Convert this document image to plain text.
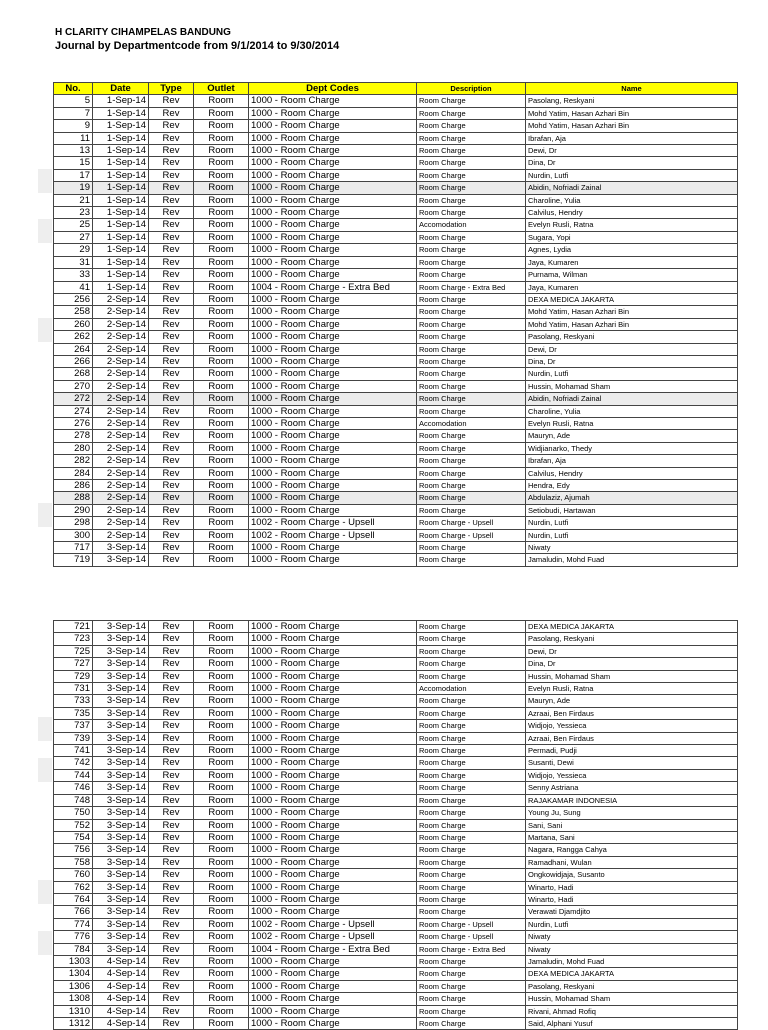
H CLARITY CIHAMPELAS BANDUNG
Journal by Departmentcode from 9/1/2014 to 9/30/2014
No.	Date	Type	Outlet	Dept Codes	Description	Name
5	1-Sep-14	Rev	Room	1000 - Room Charge	Room Charge	Pasolang, Reskyani
7	1-Sep-14	Rev	Room	1000 - Room Charge	Room Charge	Mohd Yatim, Hasan Azhari Bin
9	1-Sep-14	Rev	Room	1000 - Room Charge	Room Charge	Mohd Yatim, Hasan Azhari Bin
11	1-Sep-14	Rev	Room	1000 - Room Charge	Room Charge	Ibrafan, Aja
13	1-Sep-14	Rev	Room	1000 - Room Charge	Room Charge	Dewi, Dr
15	1-Sep-14	Rev	Room	1000 - Room Charge	Room Charge	Dina, Dr
17	1-Sep-14	Rev	Room	1000 - Room Charge	Room Charge	Nurdin, Lutfi
19	1-Sep-14	Rev	Room	1000 - Room Charge	Room Charge	Abidin, Nofriadi Zainal
21	1-Sep-14	Rev	Room	1000 - Room Charge	Room Charge	Charoline, Yulia
23	1-Sep-14	Rev	Room	1000 - Room Charge	Room Charge	Calvilus, Hendry
25	1-Sep-14	Rev	Room	1000 - Room Charge	Accomodation	Evelyn Rusli, Ratna
27	1-Sep-14	Rev	Room	1000 - Room Charge	Room Charge	Sugara, Yopi
29	1-Sep-14	Rev	Room	1000 - Room Charge	Room Charge	Agnes, Lydia
31	1-Sep-14	Rev	Room	1000 - Room Charge	Room Charge	Jaya, Kumaren
33	1-Sep-14	Rev	Room	1000 - Room Charge	Room Charge	Purnama, Wilman
41	1-Sep-14	Rev	Room	1004 - Room Charge - Extra Bed	Room Charge - Extra Bed	Jaya, Kumaren
256	2-Sep-14	Rev	Room	1000 - Room Charge	Room Charge	DEXA MEDICA JAKARTA
258	2-Sep-14	Rev	Room	1000 - Room Charge	Room Charge	Mohd Yatim, Hasan Azhari Bin
260	2-Sep-14	Rev	Room	1000 - Room Charge	Room Charge	Mohd Yatim, Hasan Azhari Bin
262	2-Sep-14	Rev	Room	1000 - Room Charge	Room Charge	Pasolang, Reskyani
264	2-Sep-14	Rev	Room	1000 - Room Charge	Room Charge	Dewi, Dr
266	2-Sep-14	Rev	Room	1000 - Room Charge	Room Charge	Dina, Dr
268	2-Sep-14	Rev	Room	1000 - Room Charge	Room Charge	Nurdin, Lutfi
270	2-Sep-14	Rev	Room	1000 - Room Charge	Room Charge	Hussin, Mohamad Sham
272	2-Sep-14	Rev	Room	1000 - Room Charge	Room Charge	Abidin, Nofriadi Zainal
274	2-Sep-14	Rev	Room	1000 - Room Charge	Room Charge	Charoline, Yulia
276	2-Sep-14	Rev	Room	1000 - Room Charge	Accomodation	Evelyn Rusli, Ratna
278	2-Sep-14	Rev	Room	1000 - Room Charge	Room Charge	Mauryn, Ade
280	2-Sep-14	Rev	Room	1000 - Room Charge	Room Charge	Widjianarko, Thedy
282	2-Sep-14	Rev	Room	1000 - Room Charge	Room Charge	Ibrafan, Aja
284	2-Sep-14	Rev	Room	1000 - Room Charge	Room Charge	Calvilus, Hendry
286	2-Sep-14	Rev	Room	1000 - Room Charge	Room Charge	Hendra, Edy
288	2-Sep-14	Rev	Room	1000 - Room Charge	Room Charge	Abdulaziz, Ajumah
290	2-Sep-14	Rev	Room	1000 - Room Charge	Room Charge	Setiobudi, Hartawan
298	2-Sep-14	Rev	Room	1002 - Room Charge - Upsell	Room Charge - Upsell	Nurdin, Lutfi
300	2-Sep-14	Rev	Room	1002 - Room Charge - Upsell	Room Charge - Upsell	Nurdin, Lutfi
717	3-Sep-14	Rev	Room	1000 - Room Charge	Room Charge	Niwaty
719	3-Sep-14	Rev	Room	1000 - Room Charge	Room Charge	Jamaludin, Mohd Fuad
721	3-Sep-14	Rev	Room	1000 - Room Charge	Room Charge	DEXA MEDICA JAKARTA
723	3-Sep-14	Rev	Room	1000 - Room Charge	Room Charge	Pasolang, Reskyani
725	3-Sep-14	Rev	Room	1000 - Room Charge	Room Charge	Dewi, Dr
727	3-Sep-14	Rev	Room	1000 - Room Charge	Room Charge	Dina, Dr
729	3-Sep-14	Rev	Room	1000 - Room Charge	Room Charge	Hussin, Mohamad Sham
731	3-Sep-14	Rev	Room	1000 - Room Charge	Accomodation	Evelyn Rusli, Ratna
733	3-Sep-14	Rev	Room	1000 - Room Charge	Room Charge	Mauryn, Ade
735	3-Sep-14	Rev	Room	1000 - Room Charge	Room Charge	Azraai, Ben Firdaus
737	3-Sep-14	Rev	Room	1000 - Room Charge	Room Charge	Widjojo, Yessieca
739	3-Sep-14	Rev	Room	1000 - Room Charge	Room Charge	Azraai, Ben Firdaus
741	3-Sep-14	Rev	Room	1000 - Room Charge	Room Charge	Permadi, Pudji
742	3-Sep-14	Rev	Room	1000 - Room Charge	Room Charge	Susanti, Dewi
744	3-Sep-14	Rev	Room	1000 - Room Charge	Room Charge	Widjojo, Yessieca
746	3-Sep-14	Rev	Room	1000 - Room Charge	Room Charge	Senny Astriana
748	3-Sep-14	Rev	Room	1000 - Room Charge	Room Charge	RAJAKAMAR INDONESIA
750	3-Sep-14	Rev	Room	1000 - Room Charge	Room Charge	Young Ju, Sung
752	3-Sep-14	Rev	Room	1000 - Room Charge	Room Charge	Sani, Sani
754	3-Sep-14	Rev	Room	1000 - Room Charge	Room Charge	Martana, Sani
756	3-Sep-14	Rev	Room	1000 - Room Charge	Room Charge	Nagara, Rangga Cahya
758	3-Sep-14	Rev	Room	1000 - Room Charge	Room Charge	Ramadhani, Wulan
760	3-Sep-14	Rev	Room	1000 - Room Charge	Room Charge	Ongkowidjaja, Susanto
762	3-Sep-14	Rev	Room	1000 - Room Charge	Room Charge	Winarto, Hadi
764	3-Sep-14	Rev	Room	1000 - Room Charge	Room Charge	Winarto, Hadi
766	3-Sep-14	Rev	Room	1000 - Room Charge	Room Charge	Verawati Djamdjito
774	3-Sep-14	Rev	Room	1002 - Room Charge - Upsell	Room Charge - Upsell	Nurdin, Lutfi
776	3-Sep-14	Rev	Room	1002 - Room Charge - Upsell	Room Charge - Upsell	Niwaty
784	3-Sep-14	Rev	Room	1004 - Room Charge - Extra Bed	Room Charge - Extra Bed	Niwaty
1303	4-Sep-14	Rev	Room	1000 - Room Charge	Room Charge	Jamaludin, Mohd Fuad
1304	4-Sep-14	Rev	Room	1000 - Room Charge	Room Charge	DEXA MEDICA JAKARTA
1306	4-Sep-14	Rev	Room	1000 - Room Charge	Room Charge	Pasolang, Reskyani
1308	4-Sep-14	Rev	Room	1000 - Room Charge	Room Charge	Hussin, Mohamad Sham
1310	4-Sep-14	Rev	Room	1000 - Room Charge	Room Charge	Rivani, Ahmad Rofiq
1312	4-Sep-14	Rev	Room	1000 - Room Charge	Room Charge	Said, Alphani Yusuf
